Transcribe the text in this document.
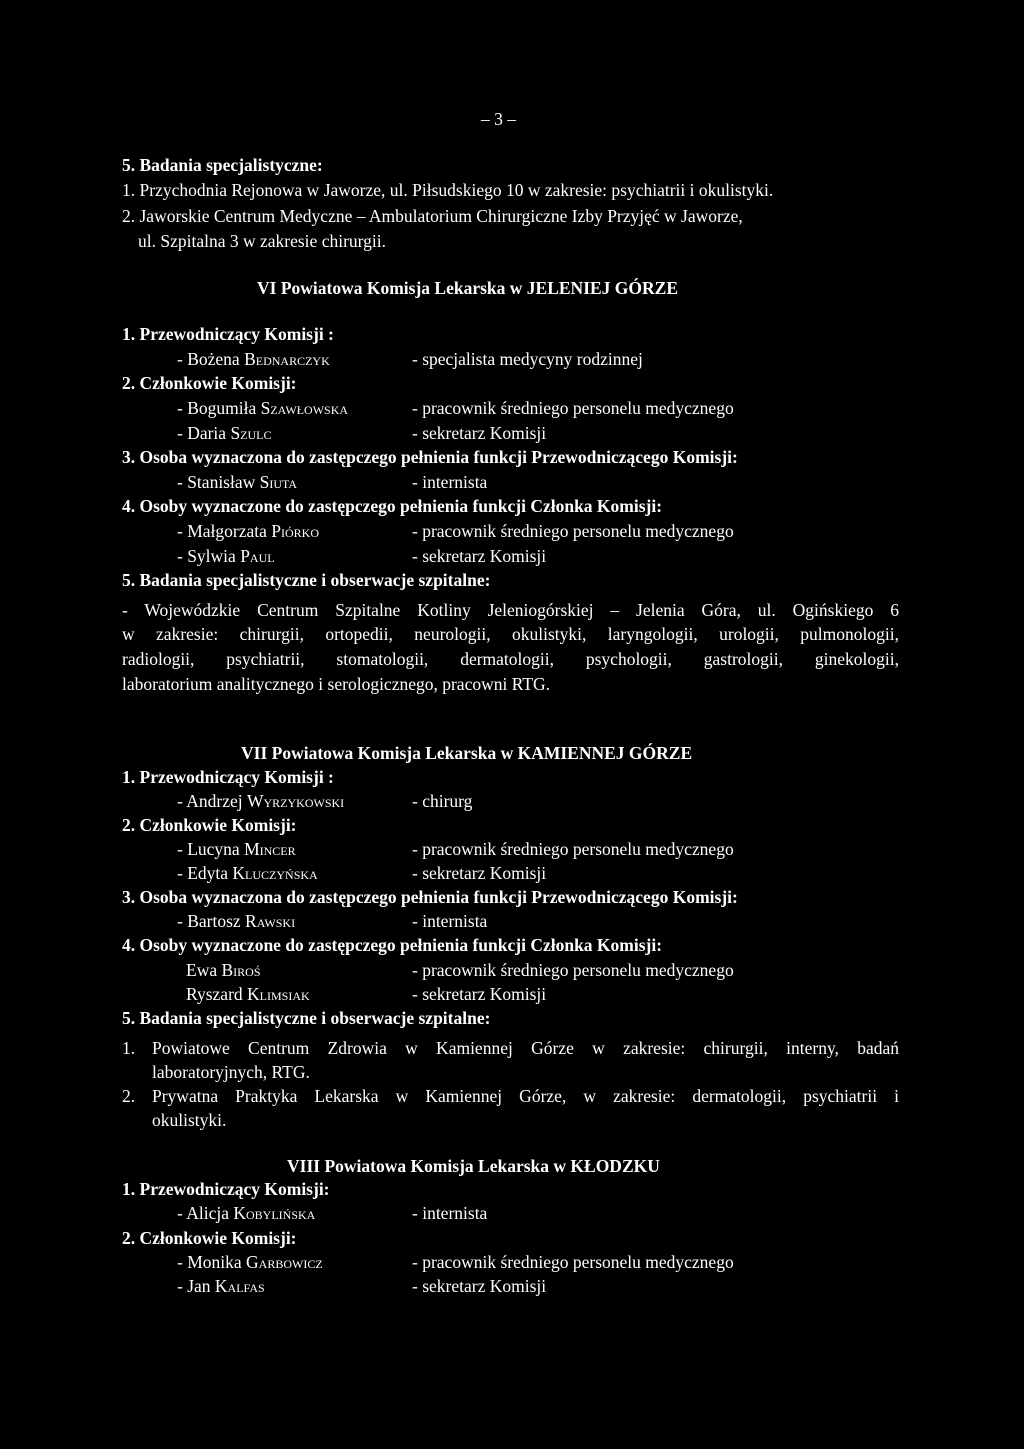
– 3 –
5. Badania specjalistyczne:
1. Przychodnia Rejonowa w Jaworze, ul. Piłsudskiego 10 w zakresie: psychiatrii i okulistyki.
2. Jaworskie Centrum Medyczne – Ambulatorium Chirurgiczne Izby Przyjęć w Jaworze,
ul. Szpitalna 3 w zakresie chirurgii.
VI Powiatowa Komisja Lekarska w JELENIEJ GÓRZE
1. Przewodniczący Komisji :
- Bożena Bednarczyk	- specjalista medycyny rodzinnej
2. Członkowie Komisji:
- Bogumiła Szawłowska	- pracownik średniego personelu medycznego
- Daria Szulc	- sekretarz Komisji
3. Osoba wyznaczona do zastępczego pełnienia funkcji Przewodniczącego Komisji:
- Stanisław Siuta	- internista
4. Osoby wyznaczone do zastępczego pełnienia funkcji Członka Komisji:
- Małgorzata Piórko	- pracownik średniego personelu medycznego
- Sylwia Paul	- sekretarz Komisji
5. Badania specjalistyczne i obserwacje szpitalne:
- Wojewódzkie Centrum Szpitalne Kotliny Jeleniogórskiej – Jelenia Góra, ul. Ogińskiego 6
w zakresie: chirurgii, ortopedii, neurologii, okulistyki, laryngologii, urologii, pulmonologii,
radiologii, psychiatrii, stomatologii, dermatologii, psychologii, gastrologii, ginekologii,
laboratorium analitycznego i serologicznego, pracowni RTG.
VII Powiatowa Komisja Lekarska w KAMIENNEJ GÓRZE
1. Przewodniczący Komisji :
- Andrzej Wyrzykowski	- chirurg
2. Członkowie Komisji:
- Lucyna Mincer	- pracownik średniego personelu medycznego
- Edyta Kluczyńska	- sekretarz Komisji
3. Osoba wyznaczona do zastępczego pełnienia funkcji Przewodniczącego Komisji:
- Bartosz Rawski	- internista
4. Osoby wyznaczone do zastępczego pełnienia funkcji Członka Komisji:
Ewa Biroś	- pracownik średniego personelu medycznego
Ryszard Klimsiak	- sekretarz Komisji
5. Badania specjalistyczne i obserwacje szpitalne:
1. Powiatowe Centrum Zdrowia w Kamiennej Górze w zakresie: chirurgii, interny, badań
laboratoryjnych, RTG.
2. Prywatna Praktyka Lekarska w Kamiennej Górze, w zakresie: dermatologii, psychiatrii i
okulistyki.
VIII Powiatowa Komisja Lekarska w KŁODZKU
1. Przewodniczący Komisji:
- Alicja Kobylińska	- internista
2. Członkowie Komisji:
- Monika Garbowicz	- pracownik średniego personelu medycznego
- Jan Kalfas	- sekretarz Komisji
